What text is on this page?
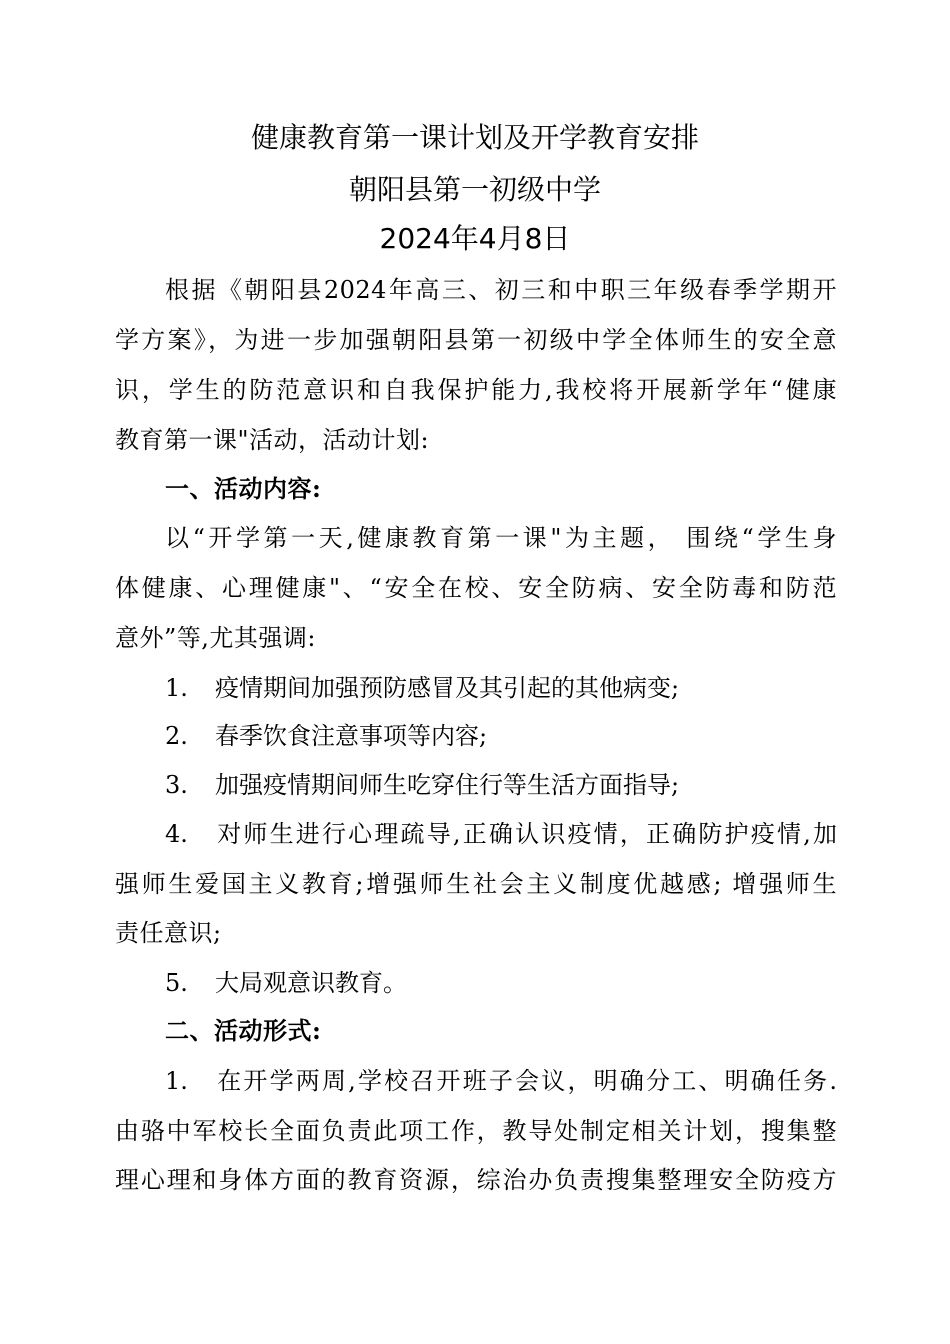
健康教育第一课计划及开学教育安排
朝阳县第一初级中学
2024年4月8日
根据《朝阳县2024年高三、初三和中职三年级春季学期开
学方案》，为进一步加强朝阳县第一初级中学全体师生的安全意
识，学生的防范意识和自我保护能力,我校将开展新学年“健康
教育第一课"活动，活动计划:
一、活动内容:
以“开学第一天,健康教育第一课"为主题， 围绕“学生身
体健康、心理健康"、“安全在校、安全防病、安全防毒和防范
意外”等,尤其强调:
1. 疫情期间加强预防感冒及其引起的其他病变;
2. 春季饮食注意事项等内容;
3. 加强疫情期间师生吃穿住行等生活方面指导;
4. 对师生进行心理疏导,正确认识疫情，正确防护疫情,加
强师生爱国主义教育;增强师生社会主义制度优越感; 增强师生
责任意识;
5. 大局观意识教育。
二、活动形式:
1. 在开学两周,学校召开班子会议，明确分工、明确任务.
由骆中军校长全面负责此项工作，教导处制定相关计划，搜集整
理心理和身体方面的教育资源，综治办负责搜集整理安全防疫方
